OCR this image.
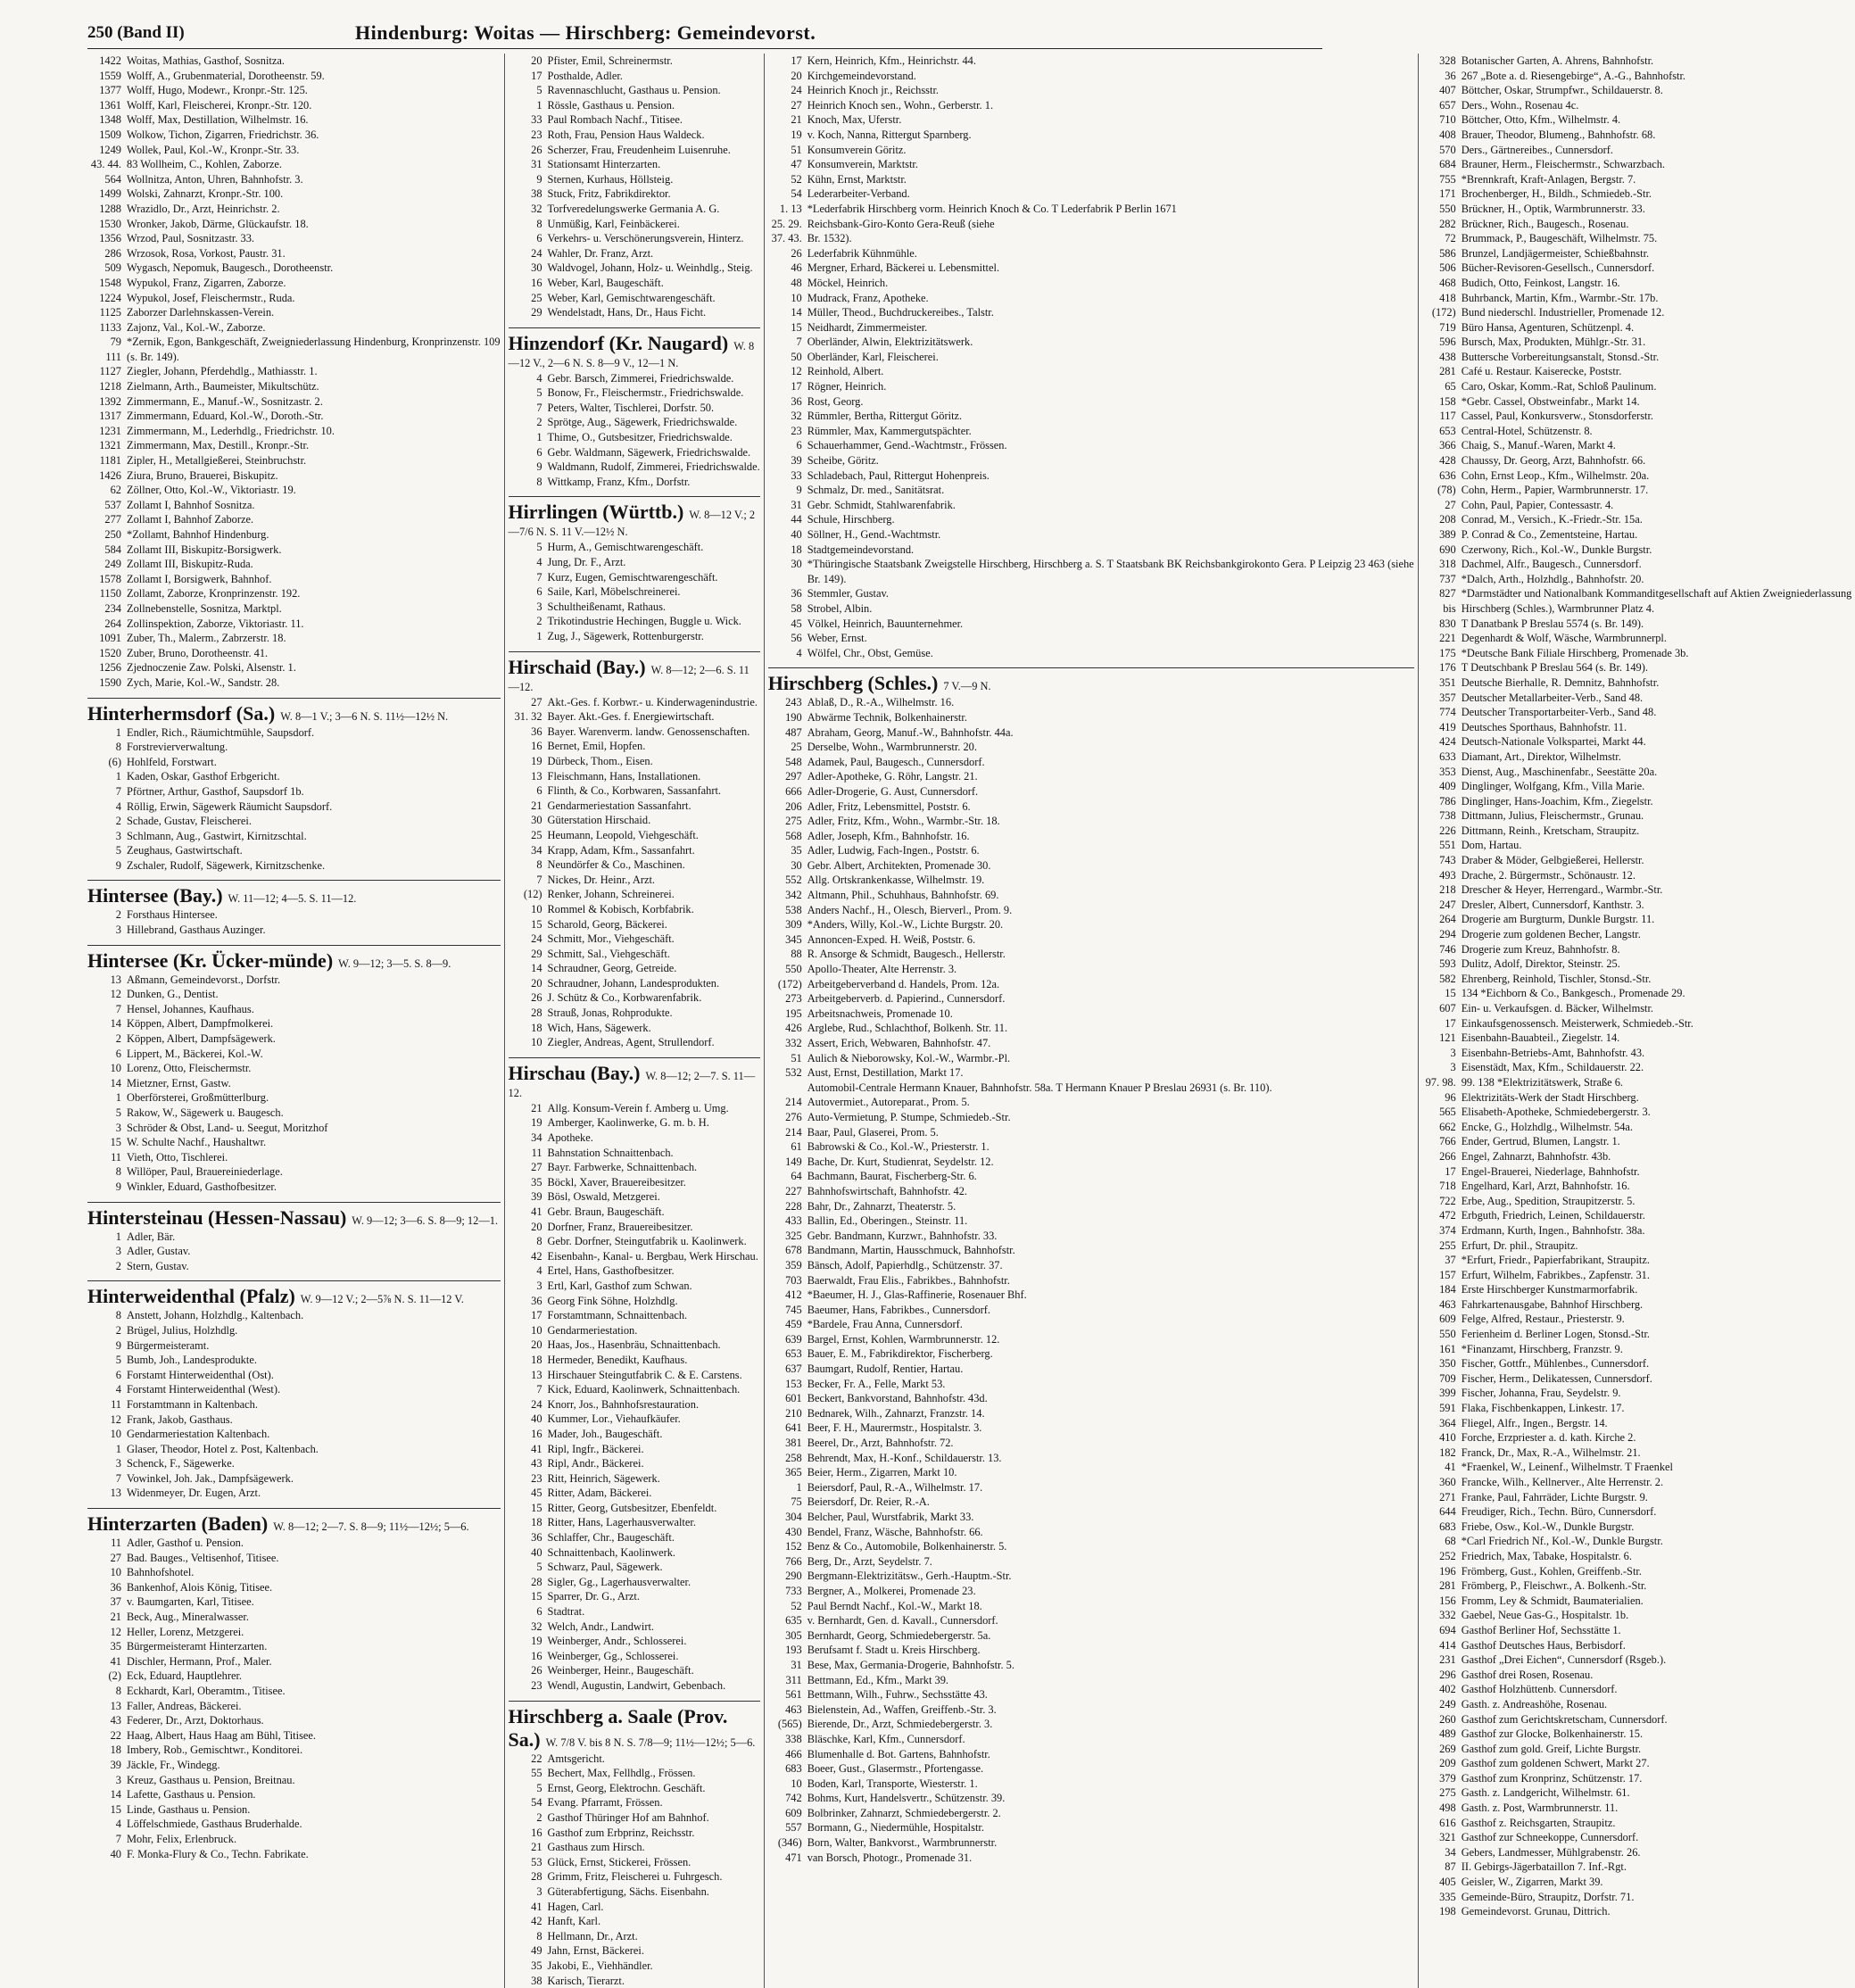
250 (Band II)	Hindenburg: Woitas — Hirschberg: Gemeindevorst.
1422 Woitas, Mathias, Gasthof, Sosnitza.
1559 Wolff, A., Grubenmaterial, Dorotheenstr. 59.
1377 Wolff, Hugo, Modewr., Kronpr.-Str. 125.
1361 Wolff, Karl, Fleischerei, Kronpr.-Str. 120.
1348 Wolff, Max, Destillation, Wilhelmstr. 16.
1509 Wolkow, Tichon, Zigarren, Friedrichstr. 36.
1249 Wollek, Paul, Kol.-W., Kronpr.-Str. 33.
43. 44. 83 Wollheim, C., Kohlen, Zaborze.
564 Wollnitza, Anton, Uhren, Bahnhofstr. 3.
1499 Wolski, Zahnarzt, Kronpr.-Str. 100.
1288 Wrazidlo, Dr., Arzt, Heinrichstr. 2.
1530 Wronker, Jakob, Därme, Glückaufstr. 18.
1356 Wrzod, Paul, Sosnitzastr. 33.
286 Wrzosok, Rosa, Vorkost, Paustr. 31.
509 Wygasch, Nepomuk, Baugesch., Dorotheenstr.
1548 Wypukol, Franz, Zigarren, Zaborze.
1224 Wypukol, Josef, Fleischermstr., Ruda.
1125 Zaborzer Darlehnskassen-Verein.
1133 Zajonz, Val., Kol.-W., Zaborze.
79 *Zernik, Egon, Bankgeschäft, Zweigniederlassung Hindenburg, Kronprinzenstr. 109
111 (s. Br. 149).
1127 Ziegler, Johann, Pferdehdlg., Mathiasstr. 1.
1218 Zielmann, Arth., Baumeister, Mikultschütz.
1392 Zimmermann, E., Manuf.-W., Sosnitzastr. 2.
1317 Zimmermann, Eduard, Kol.-W., Doroth.-Str.
1231 Zimmermann, M., Lederhdlg., Friedrichstr. 10.
1321 Zimmermann, Max, Destill., Kronpr.-Str.
1181 Zipler, H., Metallgießerei, Steinbruchstr.
1426 Ziura, Bruno, Brauerei, Biskupitz.
62 Zöllner, Otto, Kol.-W., Viktoriastr. 19.
537 Zollamt I, Bahnhof Sosnitza.
277 Zollamt I, Bahnhof Zaborze.
250 *Zollamt, Bahnhof Hindenburg.
584 Zollamt III, Biskupitz-Borsigwerk.
249 Zollamt III, Biskupitz-Ruda.
1578 Zollamt I, Borsigwerk, Bahnhof.
1150 Zollamt, Zaborze, Kronprinzenstr. 192.
234 Zollnebenstelle, Sosnitza, Marktpl.
264 Zollinspektion, Zaborze, Viktoriastr. 11.
1091 Zuber, Th., Malerm., Zabrzerstr. 18.
1520 Zuber, Bruno, Dorotheenstr. 41.
1256 Zjednoczenie Zaw. Polski, Alsenstr. 1.
1590 Zych, Marie, Kol.-W., Sandstr. 28.
Hinterhermsdorf (Sa.) W. 8—1 V.; 3—6 N. S. 11½—12½ N.
1 Endler, Rich., Räumichtmühle, Saupsdorf.
8 Forstrevierverwaltung.
(6) Hohlfeld, Forstwart.
1 Kaden, Oskar, Gasthof Erbgericht.
7 Pförtner, Arthur, Gasthof, Saupsdorf 1b.
4 Röllig, Erwin, Sägewerk Räumicht Saupsdorf.
2 Schade, Gustav, Fleischerei.
3 Schlmann, Aug., Gastwirt, Kirnitzschtal.
5 Zeughaus, Gastwirtschaft.
9 Zschaler, Rudolf, Sägewerk, Kirnitzschenke.
Hintersee (Bay.) W. 11—12; 4—5. S. 11—12.
2 Forsthaus Hintersee.
3 Hillebrand, Gasthaus Auzinger.
Hintersee (Kr. Ücker-münde) W. 9—12; 3—5. S. 8—9.
13 Aßmann, Gemeindevorst., Dorfstr.
12 Dunken, G., Dentist.
7 Hensel, Johannes, Kaufhaus.
14 Köppen, Albert, Dampfmolkerei.
2 Köppen, Albert, Dampfsägewerk.
6 Lippert, M., Bäckerei, Kol.-W.
10 Lorenz, Otto, Fleischermstr.
14 Mietzner, Ernst, Gastw.
1 Oberförsterei, Großmütterlburg.
5 Rakow, W., Sägewerk u. Baugesch.
3 Schröder & Obst, Land- u. Seegut, Moritzhof
15 W. Schulte Nachf., Haushaltwr.
11 Vieth, Otto, Tischlerei.
8 Willöper, Paul, Brauereiniederlage.
9 Winkler, Eduard, Gasthofbesitzer.
Hintersteinau (Hessen-Nassau) W. 9—12; 3—6. S. 8—9; 12—1.
1 Adler, Bär.
3 Adler, Gustav.
2 Stern, Gustav.
Hinterweidenthal (Pfalz) W. 9—12 V.; 2—5⅞ N. S. 11—12 V.
8 Anstett, Johann, Holzhdlg., Kaltenbach.
2 Brügel, Julius, Holzhdlg.
9 Bürgermeisteramt.
5 Bumb, Joh., Landesprodukte.
6 Forstamt Hinterweidenthal (Ost).
4 Forstamt Hinterweidenthal (West).
11 Forstamtmann in Kaltenbach.
12 Frank, Jakob, Gasthaus.
10 Gendarmeriestation Kaltenbach.
1 Glaser, Theodor, Hotel z. Post, Kaltenbach.
3 Schenck, F., Sägewerke.
7 Vowinkel, Joh. Jak., Dampfsägewerk.
13 Widenmeyer, Dr. Eugen, Arzt.
Hinterzarten (Baden) W. 8—12; 2—7. S. 8—9; 11½—12½; 5—6.
11 Adler, Gasthof u. Pension.
27 Bad. Bauges., Veltisenhof, Titisee.
10 Bahnhofshotel.
36 Bankenhof, Alois König, Titisee.
37 v. Baumgarten, Karl, Titisee.
21 Beck, Aug., Mineralwasser.
12 Heller, Lorenz, Metzgerei.
35 Bürgermeisteramt Hinterzarten.
41 Dischler, Hermann, Prof., Maler.
(2) Eck, Eduard, Hauptlehrer.
8 Eckhardt, Karl, Oberamtm., Titisee.
13 Faller, Andreas, Bäckerei.
43 Federer, Dr., Arzt, Doktorhaus.
22 Haag, Albert, Haus Haag am Bühl, Titisee.
18 Imbery, Rob., Gemischtwr., Konditorei.
39 Jäckle, Fr., Windegg.
3 Kreuz, Gasthaus u. Pension, Breitnau.
14 Lafette, Gasthaus u. Pension.
15 Linde, Gasthaus u. Pension.
4 Löffelschmiede, Gasthaus Bruderhalde.
7 Mohr, Felix, Erlenbruck.
40 F. Monka-Flury & Co., Techn. Fabrikate.
20 Pfister, Emil, Schreinermstr.
17 Posthalde, Adler.
5 Ravennaschlucht, Gasthaus u. Pension.
1 Rössle, Gasthaus u. Pension.
33 Paul Rombach Nachf., Titisee.
23 Roth, Frau, Pension Haus Waldeck.
26 Scherzer, Frau, Freudenheim Luisenruhe.
31 Stationsamt Hinterzarten.
9 Sternen, Kurhaus, Höllsteig.
38 Stuck, Fritz, Fabrikdirektor.
32 Torfveredelungswerke Germania A. G.
8 Unmüßig, Karl, Feinbäckerei.
6 Verkehrs- u. Verschönerungsverein, Hinterz.
24 Wahler, Dr. Franz, Arzt.
30 Waldvogel, Johann, Holz- u. Weinhdlg., Steig.
16 Weber, Karl, Baugeschäft.
25 Weber, Karl, Gemischtwarengeschäft.
29 Wendelstadt, Hans, Dr., Haus Ficht.
Hinzendorf (Kr. Naugard) W. 8—12 V., 2—6 N. S. 8—9 V., 12—1 N.
4 Gebr. Barsch, Zimmerei, Friedrichswalde.
5 Bonow, Fr., Fleischermstr., Friedrichswalde.
7 Peters, Walter, Tischlerei, Dorfstr. 50.
2 Sprötge, Aug., Sägewerk, Friedrichswalde.
1 Thime, O., Gutsbesitzer, Friedrichswalde.
6 Gebr. Waldmann, Sägewerk, Friedrichswalde.
9 Waldmann, Rudolf, Zimmerei, Friedrichswalde.
8 Wittkamp, Franz, Kfm., Dorfstr.
Hirrlingen (Württb.) W. 8—12 V.; 2—7/6 N. S. 11 V.—12½ N.
5 Hurm, A., Gemischtwarengeschäft.
4 Jung, Dr. F., Arzt.
7 Kurz, Eugen, Gemischtwarengeschäft.
6 Saile, Karl, Möbelschreinerei.
3 Schultheißenamt, Rathaus.
2 Trikotindustrie Hechingen, Buggle u. Wick.
1 Zug, J., Sägewerk, Rottenburgerstr.
Hirschaid (Bay.) W. 8—12; 2—6. S. 11—12.
27 Akt.-Ges. f. Korbwr.- u. Kinderwagenindustrie.
31. 32 Bayer. Akt.-Ges. f. Energiewirtschaft.
36 Bayer. Warenverm. landw. Genossenschaften.
16 Bernet, Emil, Hopfen.
19 Dürbeck, Thom., Eisen.
13 Fleischmann, Hans, Installationen.
6 Flinth, & Co., Korbwaren, Sassanfahrt.
21 Gendarmeriestation Sassanfahrt.
30 Güterstation Hirschaid.
25 Heumann, Leopold, Viehgeschäft.
34 Krapp, Adam, Kfm., Sassanfahrt.
8 Neundörfer & Co., Maschinen.
7 Nickes, Dr. Heinr., Arzt.
(12) Renker, Johann, Schreinerei.
10 Rommel & Kobisch, Korbfabrik.
15 Scharold, Georg, Bäckerei.
24 Schmitt, Mor., Viehgeschäft.
29 Schmitt, Sal., Viehgeschäft.
14 Schraudner, Georg, Getreide.
20 Schraudner, Johann, Landesprodukten.
26 J. Schütz & Co., Korbwarenfabrik.
28 Strauß, Jonas, Rohprodukte.
18 Wich, Hans, Sägewerk.
10 Ziegler, Andreas, Agent, Strullendorf.
Hirschau (Bay.) W. 8—12; 2—7. S. 11—12.
21 Allg. Konsum-Verein f. Amberg u. Umg.
19 Amberger, Kaolinwerke, G. m. b. H.
34 Apotheke.
11 Bahnstation Schnaittenbach.
27 Bayr. Farbwerke, Schnaittenbach.
35 Böckl, Xaver, Brauereibesitzer.
39 Bösl, Oswald, Metzgerei.
41 Gebr. Braun, Baugeschäft.
20 Dorfner, Franz, Brauereibesitzer.
8 Gebr. Dorfner, Steingutfabrik u. Kaolinwerk.
42 Eisenbahn-, Kanal- u. Bergbau, Werk Hirschau.
4 Ertel, Hans, Gasthofbesitzer.
3 Ertl, Karl, Gasthof zum Schwan.
36 Georg Fink Söhne, Holzhdlg.
17 Forstamtmann, Schnaittenbach.
10 Gendarmeriestation.
20 Haas, Jos., Hasenbräu, Schnaittenbach.
18 Hermeder, Benedikt, Kaufhaus.
13 Hirschauer Steingutfabrik C. & E. Carstens.
7 Kick, Eduard, Kaolinwerk, Schnaittenbach.
24 Knorr, Jos., Bahnhofsrestauration.
40 Kummer, Lor., Viehaufkäufer.
16 Mader, Joh., Baugeschäft.
41 Ripl, Ingfr., Bäckerei.
43 Ripl, Andr., Bäckerei.
23 Ritt, Heinrich, Sägewerk.
45 Ritter, Adam, Bäckerei.
15 Ritter, Georg, Gutsbesitzer, Ebenfeldt.
18 Ritter, Hans, Lagerhausverwalter.
36 Schlaffer, Chr., Baugeschäft.
40 Schnaittenbach, Kaolinwerk.
5 Schwarz, Paul, Sägewerk.
28 Sigler, Gg., Lagerhausverwalter.
15 Sparrer, Dr. G., Arzt.
6 Stadtrat.
32 Welch, Andr., Landwirt.
19 Weinberger, Andr., Schlosserei.
16 Weinberger, Gg., Schlosserei.
26 Weinberger, Heinr., Baugeschäft.
23 Wendl, Augustin, Landwirt, Gebenbach.
Hirschberg a. Saale (Prov. Sa.) W. 7/8 V. bis 8 N. S. 7/8—9; 11½—12½; 5—6.
22 Amtsgericht.
55 Bechert, Max, Fellhdlg., Frössen.
5 Ernst, Georg, Elektrochn. Geschäft.
54 Evang. Pfarramt, Frössen.
2 Gasthof Thüringer Hof am Bahnhof.
16 Gasthof zum Erbprinz, Reichsstr.
21 Gasthaus zum Hirsch.
53 Glück, Ernst, Stickerei, Frössen.
28 Grimm, Fritz, Fleischerei u. Fuhrgesch.
3 Güterabfertigung, Sächs. Eisenbahn.
41 Hagen, Carl.
42 Hanft, Karl.
8 Hellmann, Dr., Arzt.
49 Jahn, Ernst, Bäckerei.
35 Jakobi, E., Viehhändler.
38 Karisch, Tierarzt.
17 Kern, Heinrich, Kfm., Heinrichstr. 44.
20 Kirchgemeindevorstand.
24 Heinrich Knoch jr., Reichsstr.
27 Heinrich Knoch sen., Wohn., Gerberstr. 1.
21 Knoch, Max, Uferstr.
19 v. Koch, Nanna, Rittergut Sparnberg.
51 Konsumverein Göritz.
47 Konsumverein, Marktstr.
52 Kühn, Ernst, Marktstr.
54 Lederarbeiter-Verband.
1. 13 *Lederfabrik Hirschberg vorm. Heinrich Knoch & Co. T Lederfabrik P Berlin 1671
25. 29. Reichsbank-Giro-Konto Gera-Reuß (siehe
37. 43. Br. 1532).
26 Lederfabrik Kühnmühle.
46 Mergner, Erhard, Bäckerei u. Lebensmittel.
48 Möckel, Heinrich.
10 Mudrack, Franz, Apotheke.
14 Müller, Theod., Buchdruckereibes., Talstr.
15 Neidhardt, Zimmermeister.
7 Oberländer, Alwin, Elektrizitätswerk.
50 Oberländer, Karl, Fleischerei.
12 Reinhold, Albert.
17 Rögner, Heinrich.
36 Rost, Georg.
32 Rümmler, Bertha, Rittergut Göritz.
23 Rümmler, Max, Kammergutspächter.
6 Schauerhammer, Gend.-Wachtmstr., Frössen.
39 Scheibe, Göritz.
33 Schladebach, Paul, Rittergut Hohenpreis.
9 Schmalz, Dr. med., Sanitätsrat.
31 Gebr. Schmidt, Stahlwarenfabrik.
44 Schule, Hirschberg.
40 Söllner, H., Gend.-Wachtmstr.
18 Stadtgemeindevorstand.
30 *Thüringische Staatsbank Zweigstelle Hirschberg, Hirschberg a. S. T Staatsbank BK Reichsbankgirokonto Gera. P Leipzig 23 463 (siehe
Br. 149).
36 Stemmler, Gustav.
58 Strobel, Albin.
45 Völkel, Heinrich, Bauunternehmer.
56 Weber, Ernst.
4 Wölfel, Chr., Obst, Gemüse.
Hirschberg (Schles.) 7 V.—9 N.
243 Ablaß, D., R.-A., Wilhelmstr. 16.
190 Abwärme Technik, Bolkenhainerstr.
487 Abraham, Georg, Manuf.-W., Bahnhofstr. 44a.
25 Derselbe, Wohn., Warmbrunnerstr. 20.
548 Adamek, Paul, Baugesch., Cunnersdorf.
297 Adler-Apotheke, G. Röhr, Langstr. 21.
666 Adler-Drogerie, G. Aust, Cunnersdorf.
206 Adler, Fritz, Lebensmittel, Poststr. 6.
275 Adler, Fritz, Kfm., Wohn., Warmbr.-Str. 18.
568 Adler, Joseph, Kfm., Bahnhofstr. 16.
35 Adler, Ludwig, Fach-Ingen., Poststr. 6.
30 Gebr. Albert, Architekten, Promenade 30.
552 Allg. Ortskrankenkasse, Wilhelmstr. 19.
342 Altmann, Phil., Schuhhaus, Bahnhofstr. 69.
538 Anders Nachf., H., Olesch, Bierverl., Prom. 9.
309 *Anders, Willy, Kol.-W., Lichte Burgstr. 20.
345 Annoncen-Exped. H. Weiß, Poststr. 6.
88 R. Ansorge & Schmidt, Baugesch., Hellerstr.
550 Apollo-Theater, Alte Herrenstr. 3.
(172) Arbeitgeberverband d. Handels, Prom. 12a.
273 Arbeitgeberverb. d. Papierind., Cunnersdorf.
195 Arbeitsnachweis, Promenade 10.
426 Arglebe, Rud., Schlachthof, Bolkenh. Str. 11.
332 Assert, Erich, Webwaren, Bahnhofstr. 47.
51 Aulich & Nieborowsky, Kol.-W., Warmbr.-Pl.
532 Aust, Ernst, Destillation, Markt 17.
Automobil-Centrale Hermann Knauer, Bahnhofstr. 58a. T Hermann Knauer P Breslau 26931 (s. Br. 110).
214 Autovermiet., Autoreparat., Prom. 5.
276 Auto-Vermietung, P. Stumpe, Schmiedeb.-Str.
214 Baar, Paul, Glaserei, Prom. 5.
61 Babrowski & Co., Kol.-W., Priesterstr. 1.
149 Bache, Dr. Kurt, Studienrat, Seydelstr. 12.
64 Bachmann, Baurat, Fischerberg-Str. 6.
227 Bahnhofswirtschaft, Bahnhofstr. 42.
228 Bahr, Dr., Zahnarzt, Theaterstr. 5.
433 Ballin, Ed., Oberingen., Steinstr. 11.
325 Gebr. Bandmann, Kurzwr., Bahnhofstr. 33.
678 Bandmann, Martin, Hausschmuck, Bahnhofstr.
359 Bänsch, Adolf, Papierhdlg., Schützenstr. 37.
703 Baerwaldt, Frau Elis., Fabrikbes., Bahnhofstr.
412 *Baeumer, H. J., Glas-Raffinerie, Rosenauer Bhf.
745 Baeumer, Hans, Fabrikbes., Cunnersdorf.
459 *Bardele, Frau Anna, Cunnersdorf.
639 Bargel, Ernst, Kohlen, Warmbrunnerstr. 12.
653 Bauer, E. M., Fabrikdirektor, Fischerberg.
637 Baumgart, Rudolf, Rentier, Hartau.
153 Becker, Fr. A., Felle, Markt 53.
601 Beckert, Bankvorstand, Bahnhofstr. 43d.
210 Bednarek, Wilh., Zahnarzt, Franzstr. 14.
641 Beer, F. H., Maurermstr., Hospitalstr. 3.
381 Beerel, Dr., Arzt, Bahnhofstr. 72.
258 Behrendt, Max, H.-Konf., Schildauerstr. 13.
365 Beier, Herm., Zigarren, Markt 10.
1 Beiersdorf, Paul, R.-A., Wilhelmstr. 17.
75 Beiersdorf, Dr. Reier, R.-A.
304 Belcher, Paul, Wurstfabrik, Markt 33.
430 Bendel, Franz, Wäsche, Bahnhofstr. 66.
152 Benz & Co., Automobile, Bolkenhainerstr. 5.
766 Berg, Dr., Arzt, Seydelstr. 7.
290 Bergmann-Elektrizitätsw., Gerh.-Hauptm.-Str.
733 Bergner, A., Molkerei, Promenade 23.
52 Paul Berndt Nachf., Kol.-W., Markt 18.
635 v. Bernhardt, Gen. d. Kavall., Cunnersdorf.
305 Bernhardt, Georg, Schmiedebergerstr. 5a.
193 Berufsamt f. Stadt u. Kreis Hirschberg.
31 Bese, Max, Germania-Drogerie, Bahnhofstr. 5.
311 Bettmann, Ed., Kfm., Markt 39.
561 Bettmann, Wilh., Fuhrw., Sechsstätte 43.
463 Bielenstein, Ad., Waffen, Greiffenb.-Str. 3.
(565) Bierende, Dr., Arzt, Schmiedebergerstr. 3.
338 Bläschke, Karl, Kfm., Cunnersdorf.
466 Blumenhalle d. Bot. Gartens, Bahnhofstr.
683 Boeer, Gust., Glasermstr., Pfortengasse.
10 Boden, Karl, Transporte, Wiesterstr. 1.
742 Bohms, Kurt, Handelsvertr., Schützenstr. 39.
609 Bolbrinker, Zahnarzt, Schmiedebergerstr. 2.
557 Bormann, G., Niedermühle, Hospitalstr.
(346) Born, Walter, Bankvorst., Warmbrunnerstr.
471 van Borsch, Photogr., Promenade 31.
328 Botanischer Garten, A. Ahrens, Bahnhofstr.
36 267 „Bote a. d. Riesengebirge“, A.-G., Bahnhofstr.
407 Böttcher, Oskar, Strumpfwr., Schildauerstr. 8.
657 Ders., Wohn., Rosenau 4c.
710 Böttcher, Otto, Kfm., Wilhelmstr. 4.
408 Brauer, Theodor, Blumeng., Bahnhofstr. 68.
570 Ders., Gärtnereibes., Cunnersdorf.
684 Brauner, Herm., Fleischermstr., Schwarzbach.
755 *Brennkraft, Kraft-Anlagen, Bergstr. 7.
171 Brochenberger, H., Bildh., Schmiedeb.-Str.
550 Brückner, H., Optik, Warmbrunnerstr. 33.
282 Brückner, Rich., Baugesch., Rosenau.
72 Brummack, P., Baugeschäft, Wilhelmstr. 75.
586 Brunzel, Landjägermeister, Schießbahnstr.
506 Bücher-Revisoren-Gesellsch., Cunnersdorf.
468 Budich, Otto, Feinkost, Langstr. 16.
418 Buhrbanck, Martin, Kfm., Warmbr.-Str. 17b.
(172) Bund niederschl. Industrieller, Promenade 12.
719 Büro Hansa, Agenturen, Schützenpl. 4.
596 Bursch, Max, Produkten, Mühlgr.-Str. 31.
438 Buttersche Vorbereitungsanstalt, Stonsd.-Str.
281 Café u. Restaur. Kaiserecke, Poststr.
65 Caro, Oskar, Komm.-Rat, Schloß Paulinum.
158 *Gebr. Cassel, Obstweinfabr., Markt 14.
117 Cassel, Paul, Konkursverw., Stonsdorferstr.
653 Central-Hotel, Schützenstr. 8.
366 Chaig, S., Manuf.-Waren, Markt 4.
428 Chaussy, Dr. Georg, Arzt, Bahnhofstr. 66.
636 Cohn, Ernst Leop., Kfm., Wilhelmstr. 20a.
(78) Cohn, Herm., Papier, Warmbrunnerstr. 17.
27 Cohn, Paul, Papier, Contessastr. 4.
208 Conrad, M., Versich., K.-Friedr.-Str. 15a.
389 P. Conrad & Co., Zementsteine, Hartau.
690 Czerwony, Rich., Kol.-W., Dunkle Burgstr.
318 Dachmel, Alfr., Baugesch., Cunnersdorf.
737 *Dalch, Arth., Holzhdlg., Bahnhofstr. 20.
827 *Darmstädter und Nationalbank Kommanditgesellschaft auf Aktien Zweigniederlassung
bis Hirschberg (Schles.), Warmbrunner Platz 4.
830 T Danatbank P Breslau 5574 (s. Br. 149).
221 Degenhardt & Wolf, Wäsche, Warmbrunnerpl.
175 *Deutsche Bank Filiale Hirschberg, Promenade 3b.
176 T Deutschbank P Breslau 564 (s. Br. 149).
351 Deutsche Bierhalle, R. Demnitz, Bahnhofstr.
357 Deutscher Metallarbeiter-Verb., Sand 48.
774 Deutscher Transportarbeiter-Verb., Sand 48.
419 Deutsches Sporthaus, Bahnhofstr. 11.
424 Deutsch-Nationale Volkspartei, Markt 44.
633 Diamant, Art., Direktor, Wilhelmstr.
353 Dienst, Aug., Maschinenfabr., Seestätte 20a.
409 Dinglinger, Wolfgang, Kfm., Villa Marie.
786 Dinglinger, Hans-Joachim, Kfm., Ziegelstr.
738 Dittmann, Julius, Fleischermstr., Grunau.
226 Dittmann, Reinh., Kretscham, Straupitz.
551 Dom, Hartau.
743 Draber & Möder, Gelbgießerei, Hellerstr.
493 Drache, 2. Bürgermstr., Schönaustr. 12.
218 Drescher & Heyer, Herrengard., Warmbr.-Str.
247 Dresler, Albert, Cunnersdorf, Kanthstr. 3.
264 Drogerie am Burgturm, Dunkle Burgstr. 11.
294 Drogerie zum goldenen Becher, Langstr.
746 Drogerie zum Kreuz, Bahnhofstr. 8.
593 Dulitz, Adolf, Direktor, Steinstr. 25.
582 Ehrenberg, Reinhold, Tischler, Stonsd.-Str.
15 134 *Eichborn & Co., Bankgesch., Promenade 29.
607 Ein- u. Verkaufsgen. d. Bäcker, Wilhelmstr.
17 Einkaufsgenossensch. Meisterwerk, Schmiedeb.-Str.
121 Eisenbahn-Bauabteil., Ziegelstr. 14.
3 Eisenbahn-Betriebs-Amt, Bahnhofstr. 43.
3 Eisenstädt, Max, Kfm., Schildauerstr. 22.
97. 98. 99. 138 *Elektrizitätswerk, Straße 6.
96 Elektrizitäts-Werk der Stadt Hirschberg.
565 Elisabeth-Apotheke, Schmiedebergerstr. 3.
662 Encke, G., Holzhdlg., Wilhelmstr. 54a.
766 Ender, Gertrud, Blumen, Langstr. 1.
266 Engel, Zahnarzt, Bahnhofstr. 43b.
17 Engel-Brauerei, Niederlage, Bahnhofstr.
718 Engelhard, Karl, Arzt, Bahnhofstr. 16.
722 Erbe, Aug., Spedition, Straupitzerstr. 5.
472 Erbguth, Friedrich, Leinen, Schildauerstr.
374 Erdmann, Kurth, Ingen., Bahnhofstr. 38a.
255 Erfurt, Dr. phil., Straupitz.
37 *Erfurt, Friedr., Papierfabrikant, Straupitz.
157 Erfurt, Wilhelm, Fabrikbes., Zapfenstr. 31.
184 Erste Hirschberger Kunstmarmorfabrik.
463 Fahrkartenausgabe, Bahnhof Hirschberg.
609 Felge, Alfred, Restaur., Priesterstr. 9.
550 Ferienheim d. Berliner Logen, Stonsd.-Str.
161 *Finanzamt, Hirschberg, Franzstr. 9.
350 Fischer, Gottfr., Mühlenbes., Cunnersdorf.
709 Fischer, Herm., Delikatessen, Cunnersdorf.
399 Fischer, Johanna, Frau, Seydelstr. 9.
591 Flaka, Fischbenkappen, Linkestr. 17.
364 Fliegel, Alfr., Ingen., Bergstr. 14.
410 Forche, Erzpriester a. d. kath. Kirche 2.
182 Franck, Dr., Max, R.-A., Wilhelmstr. 21.
41 *Fraenkel, W., Leinenf., Wilhelmstr. T Fraenkel
360 Francke, Wilh., Kellnerver., Alte Herrenstr. 2.
271 Franke, Paul, Fahrräder, Lichte Burgstr. 9.
644 Freudiger, Rich., Techn. Büro, Cunnersdorf.
683 Friebe, Osw., Kol.-W., Dunkle Burgstr.
68 *Carl Friedrich Nf., Kol.-W., Dunkle Burgstr.
252 Friedrich, Max, Tabake, Hospitalstr. 6.
196 Frömberg, Gust., Kohlen, Greiffenb.-Str.
281 Frömberg, P., Fleischwr., A. Bolkenh.-Str.
156 Fromm, Ley & Schmidt, Baumaterialien.
332 Gaebel, Neue Gas-G., Hospitalstr. 1b.
694 Gasthof Berliner Hof, Sechsstätte 1.
414 Gasthof Deutsches Haus, Berbisdorf.
231 Gasthof „Drei Eichen“, Cunnersdorf (Rsgeb.).
296 Gasthof drei Rosen, Rosenau.
402 Gasthof Holzhüttenb. Cunnersdorf.
249 Gasth. z. Andreashöhe, Rosenau.
260 Gasthof zum Gerichtskretscham, Cunnersdorf.
489 Gasthof zur Glocke, Bolkenhainerstr. 15.
269 Gasthof zum gold. Greif, Lichte Burgstr.
209 Gasthof zum goldenen Schwert, Markt 27.
379 Gasthof zum Kronprinz, Schützenstr. 17.
275 Gasth. z. Landgericht, Wilhelmstr. 61.
498 Gasth. z. Post, Warmbrunnerstr. 11.
616 Gasthof z. Reichsgarten, Straupitz.
321 Gasthof zur Schneekoppe, Cunnersdorf.
34 Gebers, Landmesser, Mühlgrabenstr. 26.
87 II. Gebirgs-Jägerbataillon 7. Inf.-Rgt.
405 Geisler, W., Zigarren, Markt 39.
335 Gemeinde-Büro, Straupitz, Dorfstr. 71.
198 Gemeindevorst. Grunau, Dittrich.
